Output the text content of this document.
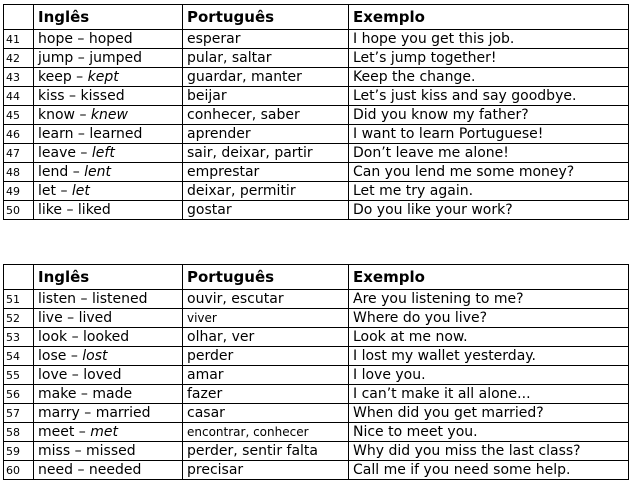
	Inglês	Português	Exemplo
41	hope – hoped	esperar	I hope you get this job.
42	jump – jumped	pular, saltar	Let’s jump together!
43	keep – kept	guardar, manter	Keep the change.
44	kiss – kissed	beijar	Let’s just kiss and say goodbye.
45	know – knew	conhecer, saber	Did you know my father?
46	learn – learned	aprender	I want to learn Portuguese!
47	leave – left	sair, deixar, partir	Don’t leave me alone!
48	lend – lent	emprestar	Can you lend me some money?
49	let – let	deixar, permitir	Let me try again.
50	like – liked	gostar	Do you like your work?
	Inglês	Português	Exemplo
51	listen – listened	ouvir, escutar	Are you listening to me?
52	live – lived	viver	Where do you live?
53	look – looked	olhar, ver	Look at me now.
54	lose – lost	perder	I lost my wallet yesterday.
55	love – loved	amar	I love you.
56	make – made	fazer	I can’t make it all alone...
57	marry – married	casar	When did you get married?
58	meet – met	encontrar, conhecer	Nice to meet you.
59	miss – missed	perder, sentir falta	Why did you miss the last class?
60	need – needed	precisar	Call me if you need some help.
